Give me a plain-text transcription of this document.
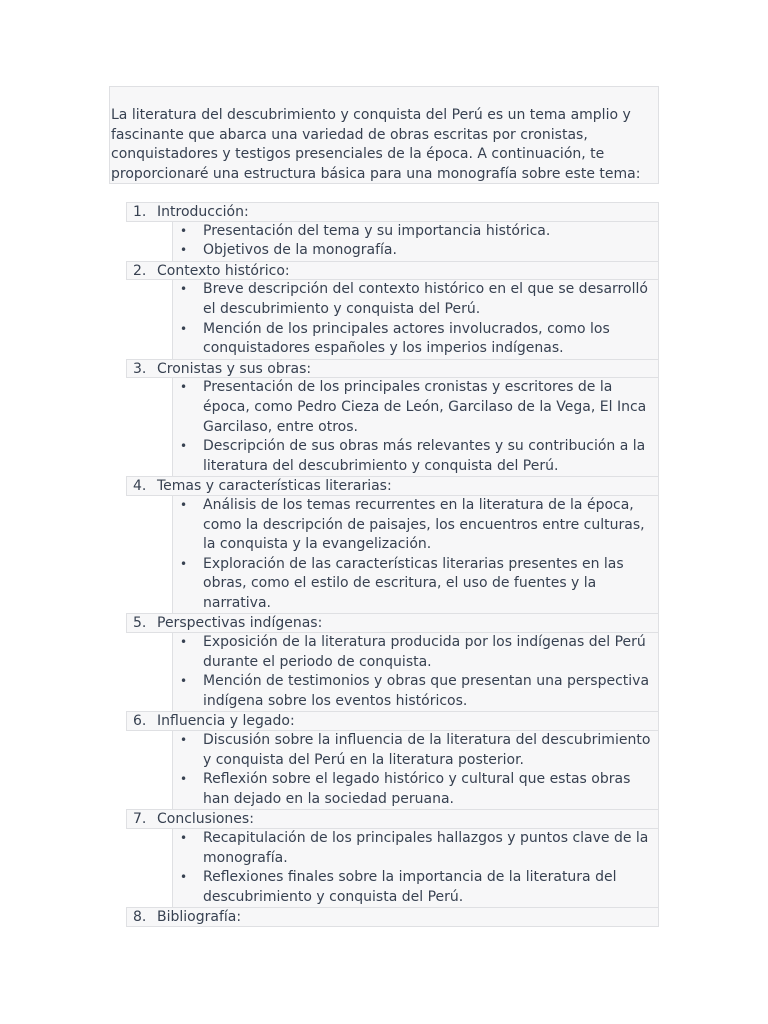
La literatura del descubrimiento y conquista del Perú es un tema amplio y fascinante que abarca una variedad de obras escritas por cronistas, conquistadores y testigos presenciales de la época. A continuación, te proporcionaré una estructura básica para una monografía sobre este tema:

1. Introducción:
• Presentación del tema y su importancia histórica.
• Objetivos de la monografía.
2. Contexto histórico:
• Breve descripción del contexto histórico en el que se desarrolló el descubrimiento y conquista del Perú.
• Mención de los principales actores involucrados, como los conquistadores españoles y los imperios indígenas.
3. Cronistas y sus obras:
• Presentación de los principales cronistas y escritores de la época, como Pedro Cieza de León, Garcilaso de la Vega, El Inca Garcilaso, entre otros.
• Descripción de sus obras más relevantes y su contribución a la literatura del descubrimiento y conquista del Perú.
4. Temas y características literarias:
• Análisis de los temas recurrentes en la literatura de la época, como la descripción de paisajes, los encuentros entre culturas, la conquista y la evangelización.
• Exploración de las características literarias presentes en las obras, como el estilo de escritura, el uso de fuentes y la narrativa.
5. Perspectivas indígenas:
• Exposición de la literatura producida por los indígenas del Perú durante el periodo de conquista.
• Mención de testimonios y obras que presentan una perspectiva indígena sobre los eventos históricos.
6. Influencia y legado:
• Discusión sobre la influencia de la literatura del descubrimiento y conquista del Perú en la literatura posterior.
• Reflexión sobre el legado histórico y cultural que estas obras han dejado en la sociedad peruana.
7. Conclusiones:
• Recapitulación de los principales hallazgos y puntos clave de la monografía.
• Reflexiones finales sobre la importancia de la literatura del descubrimiento y conquista del Perú.
8. Bibliografía:
